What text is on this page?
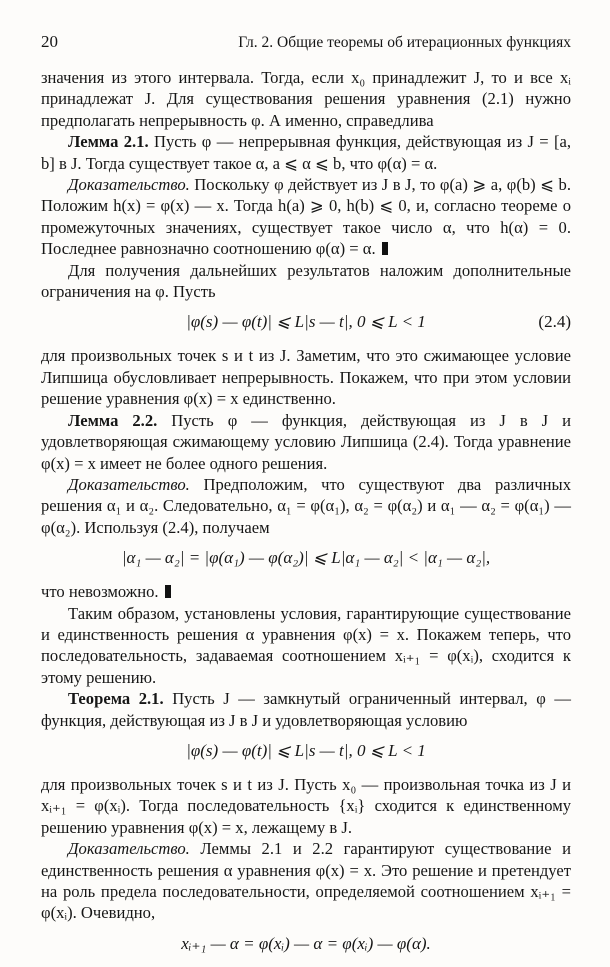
20	Гл. 2. Общие теоремы об итерационных функциях

значения из этого интервала. Тогда, если x₀ принадлежит J, то и все xᵢ принадлежат J. Для существования решения уравнения (2.1) нужно предполагать непрерывность φ. А именно, справедлива

Лемма 2.1. Пусть φ — непрерывная функция, действующая из J = [a, b] в J. Тогда существует такое α, a ⩽ α ⩽ b, что φ(α) = α.

Доказательство. Поскольку φ действует из J в J, то φ(a) ⩾ a, φ(b) ⩽ b. Положим h(x) = φ(x) — x. Тогда h(a) ⩾ 0, h(b) ⩽ 0, и, согласно теореме о промежуточных значениях, существует такое число α, что h(α) = 0. Последнее равнозначно соотношению φ(α) = α.

Для получения дальнейших результатов наложим дополнительные ограничения на φ. Пусть

|φ(s) — φ(t)| ⩽ L|s — t|, 0 ⩽ L < 1	(2.4)

для произвольных точек s и t из J. Заметим, что это сжимающее условие Липшица обусловливает непрерывность. Покажем, что при этом условии решение уравнения φ(x) = x единственно.

Лемма 2.2. Пусть φ — функция, действующая из J в J и удовлетворяющая сжимающему условию Липшица (2.4). Тогда уравнение φ(x) = x имеет не более одного решения.

Доказательство. Предположим, что существуют два различных решения α₁ и α₂. Следовательно, α₁ = φ(α₁), α₂ = φ(α₂) и α₁ — α₂ = φ(α₁) — φ(α₂). Используя (2.4), получаем

|α₁ — α₂| = |φ(α₁) — φ(α₂)| ⩽ L|α₁ — α₂| < |α₁ — α₂|,

что невозможно.

Таким образом, установлены условия, гарантирующие существование и единственность решения α уравнения φ(x) = x. Покажем теперь, что последовательность, задаваемая соотношением xᵢ₊₁ = φ(xᵢ), сходится к этому решению.

Теорема 2.1. Пусть J — замкнутый ограниченный интервал, φ — функция, действующая из J в J и удовлетворяющая условию

|φ(s) — φ(t)| ⩽ L|s — t|, 0 ⩽ L < 1

для произвольных точек s и t из J. Пусть x₀ — произвольная точка из J и xᵢ₊₁ = φ(xᵢ). Тогда последовательность {xᵢ} сходится к единственному решению уравнения φ(x) = x, лежащему в J.

Доказательство. Леммы 2.1 и 2.2 гарантируют существование и единственность решения α уравнения φ(x) = x. Это решение и претендует на роль предела последовательности, определяемой соотношением xᵢ₊₁ = φ(xᵢ). Очевидно,

xᵢ₊₁ — α = φ(xᵢ) — α = φ(xᵢ) — φ(α).
